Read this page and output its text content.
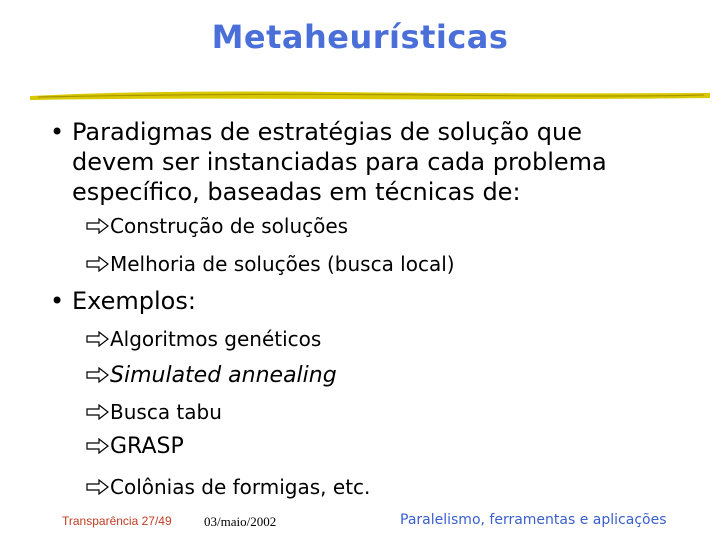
Metaheurísticas
• Paradigmas de estratégias de solução que devem ser instanciadas para cada problema específico, baseadas em técnicas de:
Construção de soluções
Melhoria de soluções (busca local)
• Exemplos:
Algoritmos genéticos
Simulated annealing
Busca tabu
GRASP
Colônias de formigas, etc.
Transparência 27/49 03/maio/2002	Paralelismo, ferramentas e aplicações
